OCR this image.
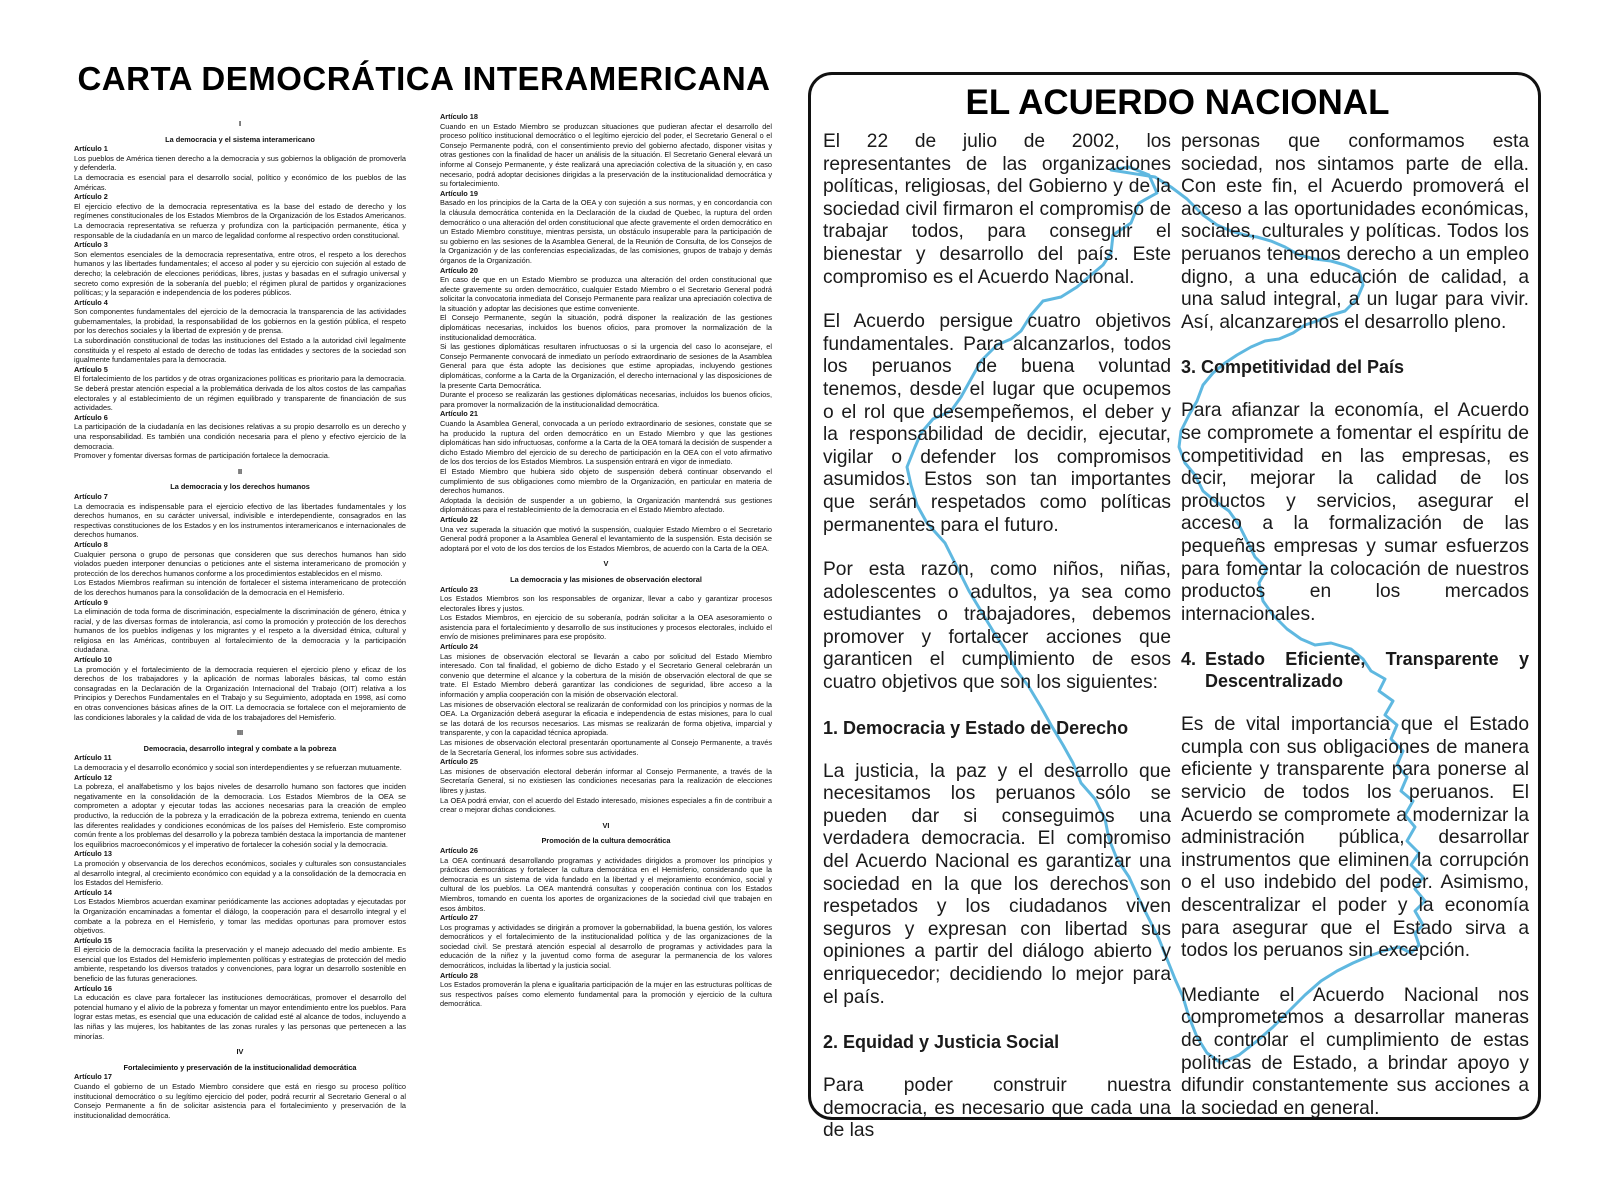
CARTA DEMOCRÁTICA INTERAMERICANA

I

La democracia y el sistema interamericano

Artículo 1

Los pueblos de América tienen derecho a la democracia y sus gobiernos la obligación de promoverla y defenderla.

La democracia es esencial para el desarrollo social, político y económico de los pueblos de las Américas.

Artículo 2

El ejercicio efectivo de la democracia representativa es la base del estado de derecho y los regímenes constitucionales de los Estados Miembros de la Organización de los Estados Americanos. La democracia representativa se refuerza y profundiza con la participación permanente, ética y responsable de la ciudadanía en un marco de legalidad conforme al respectivo orden constitucional.

Artículo 3

Son elementos esenciales de la democracia representativa, entre otros, el respeto a los derechos humanos y las libertades fundamentales; el acceso al poder y su ejercicio con sujeción al estado de derecho; la celebración de elecciones periódicas, libres, justas y basadas en el sufragio universal y secreto como expresión de la soberanía del pueblo; el régimen plural de partidos y organizaciones políticas; y la separación e independencia de los poderes públicos.

Artículo 4

Son componentes fundamentales del ejercicio de la democracia la transparencia de las actividades gubernamentales, la probidad, la responsabilidad de los gobiernos en la gestión pública, el respeto por los derechos sociales y la libertad de expresión y de prensa.

La subordinación constitucional de todas las instituciones del Estado a la autoridad civil legalmente constituida y el respeto al estado de derecho de todas las entidades y sectores de la sociedad son igualmente fundamentales para la democracia.

Artículo 5

El fortalecimiento de los partidos y de otras organizaciones políticas es prioritario para la democracia. Se deberá prestar atención especial a la problemática derivada de los altos costos de las campañas electorales y al establecimiento de un régimen equilibrado y transparente de financiación de sus actividades.

Artículo 6

La participación de la ciudadanía en las decisiones relativas a su propio desarrollo es un derecho y una responsabilidad. Es también una condición necesaria para el pleno y efectivo ejercicio de la democracia.

Promover y fomentar diversas formas de participación fortalece la democracia.

II

La democracia y los derechos humanos

Artículo 7

La democracia es indispensable para el ejercicio efectivo de las libertades fundamentales y los derechos humanos, en su carácter universal, indivisible e interdependiente, consagrados en las respectivas constituciones de los Estados y en los instrumentos interamericanos e internacionales de derechos humanos.

Artículo 8

Cualquier persona o grupo de personas que consideren que sus derechos humanos han sido violados pueden interponer denuncias o peticiones ante el sistema interamericano de promoción y protección de los derechos humanos conforme a los procedimientos establecidos en el mismo.

Los Estados Miembros reafirman su intención de fortalecer el sistema interamericano de protección de los derechos humanos para la consolidación de la democracia en el Hemisferio.

Artículo 9

La eliminación de toda forma de discriminación, especialmente la discriminación de género, étnica y racial, y de las diversas formas de intolerancia, así como la promoción y protección de los derechos humanos de los pueblos indígenas y los migrantes y el respeto a la diversidad étnica, cultural y religiosa en las Américas, contribuyen al fortalecimiento de la democracia y la participación ciudadana.

Artículo 10

La promoción y el fortalecimiento de la democracia requieren el ejercicio pleno y eficaz de los derechos de los trabajadores y la aplicación de normas laborales básicas, tal como están consagradas en la Declaración de la Organización Internacional del Trabajo (OIT) relativa a los Principios y Derechos Fundamentales en el Trabajo y su Seguimiento, adoptada en 1998, así como en otras convenciones básicas afines de la OIT. La democracia se fortalece con el mejoramiento de las condiciones laborales y la calidad de vida de los trabajadores del Hemisferio.

III

Democracia, desarrollo integral y combate a la pobreza

Artículo 11

La democracia y el desarrollo económico y social son interdependientes y se refuerzan mutuamente.

Artículo 12

La pobreza, el analfabetismo y los bajos niveles de desarrollo humano son factores que inciden negativamente en la consolidación de la democracia. Los Estados Miembros de la OEA se comprometen a adoptar y ejecutar todas las acciones necesarias para la creación de empleo productivo, la reducción de la pobreza y la erradicación de la pobreza extrema, teniendo en cuenta las diferentes realidades y condiciones económicas de los países del Hemisferio. Este compromiso común frente a los problemas del desarrollo y la pobreza también destaca la importancia de mantener los equilibrios macroeconómicos y el imperativo de fortalecer la cohesión social y la democracia.

Artículo 13

La promoción y observancia de los derechos económicos, sociales y culturales son consustanciales al desarrollo integral, al crecimiento económico con equidad y a la consolidación de la democracia en los Estados del Hemisferio.

Artículo 14

Los Estados Miembros acuerdan examinar periódicamente las acciones adoptadas y ejecutadas por la Organización encaminadas a fomentar el diálogo, la cooperación para el desarrollo integral y el combate a la pobreza en el Hemisferio, y tomar las medidas oportunas para promover estos objetivos.

Artículo 15

El ejercicio de la democracia facilita la preservación y el manejo adecuado del medio ambiente. Es esencial que los Estados del Hemisferio implementen políticas y estrategias de protección del medio ambiente, respetando los diversos tratados y convenciones, para lograr un desarrollo sostenible en beneficio de las futuras generaciones.

Artículo 16

La educación es clave para fortalecer las instituciones democráticas, promover el desarrollo del potencial humano y el alivio de la pobreza y fomentar un mayor entendimiento entre los pueblos. Para lograr estas metas, es esencial que una educación de calidad esté al alcance de todos, incluyendo a las niñas y las mujeres, los habitantes de las zonas rurales y las personas que pertenecen a las minorías.

IV

Fortalecimiento y preservación de la institucionalidad democrática

Artículo 17

Cuando el gobierno de un Estado Miembro considere que está en riesgo su proceso político institucional democrático o su legítimo ejercicio del poder, podrá recurrir al Secretario General o al Consejo Permanente a fin de solicitar asistencia para el fortalecimiento y preservación de la institucionalidad democrática.

Artículo 18

Cuando en un Estado Miembro se produzcan situaciones que pudieran afectar el desarrollo del proceso político institucional democrático o el legítimo ejercicio del poder, el Secretario General o el Consejo Permanente podrá, con el consentimiento previo del gobierno afectado, disponer visitas y otras gestiones con la finalidad de hacer un análisis de la situación. El Secretario General elevará un informe al Consejo Permanente, y éste realizará una apreciación colectiva de la situación y, en caso necesario, podrá adoptar decisiones dirigidas a la preservación de la institucionalidad democrática y su fortalecimiento.

Artículo 19

Basado en los principios de la Carta de la OEA y con sujeción a sus normas, y en concordancia con la cláusula democrática contenida en la Declaración de la ciudad de Quebec, la ruptura del orden democrático o una alteración del orden constitucional que afecte gravemente el orden democrático en un Estado Miembro constituye, mientras persista, un obstáculo insuperable para la participación de su gobierno en las sesiones de la Asamblea General, de la Reunión de Consulta, de los Consejos de la Organización y de las conferencias especializadas, de las comisiones, grupos de trabajo y demás órganos de la Organización.

Artículo 20

En caso de que en un Estado Miembro se produzca una alteración del orden constitucional que afecte gravemente su orden democrático, cualquier Estado Miembro o el Secretario General podrá solicitar la convocatoria inmediata del Consejo Permanente para realizar una apreciación colectiva de la situación y adoptar las decisiones que estime conveniente.

El Consejo Permanente, según la situación, podrá disponer la realización de las gestiones diplomáticas necesarias, incluidos los buenos oficios, para promover la normalización de la institucionalidad democrática.

Si las gestiones diplomáticas resultaren infructuosas o si la urgencia del caso lo aconsejare, el Consejo Permanente convocará de inmediato un período extraordinario de sesiones de la Asamblea General para que ésta adopte las decisiones que estime apropiadas, incluyendo gestiones diplomáticas, conforme a la Carta de la Organización, el derecho internacional y las disposiciones de la presente Carta Democrática.

Durante el proceso se realizarán las gestiones diplomáticas necesarias, incluidos los buenos oficios, para promover la normalización de la institucionalidad democrática.

Artículo 21

Cuando la Asamblea General, convocada a un período extraordinario de sesiones, constate que se ha producido la ruptura del orden democrático en un Estado Miembro y que las gestiones diplomáticas han sido infructuosas, conforme a la Carta de la OEA tomará la decisión de suspender a dicho Estado Miembro del ejercicio de su derecho de participación en la OEA con el voto afirmativo de los dos tercios de los Estados Miembros. La suspensión entrará en vigor de inmediato.

El Estado Miembro que hubiera sido objeto de suspensión deberá continuar observando el cumplimiento de sus obligaciones como miembro de la Organización, en particular en materia de derechos humanos.

Adoptada la decisión de suspender a un gobierno, la Organización mantendrá sus gestiones diplomáticas para el restablecimiento de la democracia en el Estado Miembro afectado.

Artículo 22

Una vez superada la situación que motivó la suspensión, cualquier Estado Miembro o el Secretario General podrá proponer a la Asamblea General el levantamiento de la suspensión. Esta decisión se adoptará por el voto de los dos tercios de los Estados Miembros, de acuerdo con la Carta de la OEA.

V

La democracia y las misiones de observación electoral

Artículo 23

Los Estados Miembros son los responsables de organizar, llevar a cabo y garantizar procesos electorales libres y justos.

Los Estados Miembros, en ejercicio de su soberanía, podrán solicitar a la OEA asesoramiento o asistencia para el fortalecimiento y desarrollo de sus instituciones y procesos electorales, incluido el envío de misiones preliminares para ese propósito.

Artículo 24

Las misiones de observación electoral se llevarán a cabo por solicitud del Estado Miembro interesado. Con tal finalidad, el gobierno de dicho Estado y el Secretario General celebrarán un convenio que determine el alcance y la cobertura de la misión de observación electoral de que se trate. El Estado Miembro deberá garantizar las condiciones de seguridad, libre acceso a la información y amplia cooperación con la misión de observación electoral.

Las misiones de observación electoral se realizarán de conformidad con los principios y normas de la OEA. La Organización deberá asegurar la eficacia e independencia de estas misiones, para lo cual se las dotará de los recursos necesarios. Las mismas se realizarán de forma objetiva, imparcial y transparente, y con la capacidad técnica apropiada.

Las misiones de observación electoral presentarán oportunamente al Consejo Permanente, a través de la Secretaría General, los informes sobre sus actividades.

Artículo 25

Las misiones de observación electoral deberán informar al Consejo Permanente, a través de la Secretaría General, si no existiesen las condiciones necesarias para la realización de elecciones libres y justas.

La OEA podrá enviar, con el acuerdo del Estado interesado, misiones especiales a fin de contribuir a crear o mejorar dichas condiciones.

VI

Promoción de la cultura democrática

Artículo 26

La OEA continuará desarrollando programas y actividades dirigidos a promover los principios y prácticas democráticas y fortalecer la cultura democrática en el Hemisferio, considerando que la democracia es un sistema de vida fundado en la libertad y el mejoramiento económico, social y cultural de los pueblos. La OEA mantendrá consultas y cooperación continua con los Estados Miembros, tomando en cuenta los aportes de organizaciones de la sociedad civil que trabajen en esos ámbitos.

Artículo 27

Los programas y actividades se dirigirán a promover la gobernabilidad, la buena gestión, los valores democráticos y el fortalecimiento de la institucionalidad política y de las organizaciones de la sociedad civil. Se prestará atención especial al desarrollo de programas y actividades para la educación de la niñez y la juventud como forma de asegurar la permanencia de los valores democráticos, incluidas la libertad y la justicia social.

Artículo 28

Los Estados promoverán la plena e igualitaria participación de la mujer en las estructuras políticas de sus respectivos países como elemento fundamental para la promoción y ejercicio de la cultura democrática.

EL ACUERDO NACIONAL

El 22 de julio de 2002, los representantes de las organizaciones políticas, religiosas, del Gobierno y de la sociedad civil firmaron el compromiso de trabajar todos, para conseguir el bienestar y desarrollo del país. Este compromiso es el Acuerdo Nacional.

El Acuerdo persigue cuatro objetivos fundamentales. Para alcanzarlos, todos los peruanos de buena voluntad tenemos, desde el lugar que ocupemos o el rol que desempeñemos, el deber y la responsabilidad de decidir, ejecutar, vigilar o defender los compromisos asumidos. Estos son tan importantes que serán respetados como políticas permanentes para el futuro.

Por esta razón, como niños, niñas, adolescentes o adultos, ya sea como estudiantes o trabajadores, debemos promover y fortalecer acciones que garanticen el cumplimiento de esos cuatro objetivos que son los siguientes:

1. Democracia y Estado de Derecho

La justicia, la paz y el desarrollo que necesitamos los peruanos sólo se pueden dar si conseguimos una verdadera democracia. El compromiso del Acuerdo Nacional es garantizar una sociedad en la que los derechos son respetados y los ciudadanos viven seguros y expresan con libertad sus opiniones a partir del diálogo abierto y enriquecedor; decidiendo lo mejor para el país.

2. Equidad y Justicia Social

Para poder construir nuestra democracia, es necesario que cada una de las

personas que conformamos esta sociedad, nos sintamos parte de ella. Con este fin, el Acuerdo promoverá el acceso a las oportunidades económicas, sociales, culturales y políticas. Todos los peruanos tenemos derecho a un empleo digno, a una educación de calidad, a una salud integral, a un lugar para vivir. Así, alcanzaremos el desarrollo pleno.

3. Competitividad del País

Para afianzar la economía, el Acuerdo se compromete a fomentar el espíritu de competitividad en las empresas, es decir, mejorar la calidad de los productos y servicios, asegurar el acceso a la formalización de las pequeñas empresas y sumar esfuerzos para fomentar la colocación de nuestros productos en los mercados internacionales.

4. Estado Eficiente, Transparente y Descentralizado

Es de vital importancia que el Estado cumpla con sus obligaciones de manera eficiente y transparente para ponerse al servicio de todos los peruanos. El Acuerdo se compromete a modernizar la administración pública, desarrollar instrumentos que eliminen la corrupción o el uso indebido del poder. Asimismo, descentralizar el poder y la economía para asegurar que el Estado sirva a todos los peruanos sin excepción.

Mediante el Acuerdo Nacional nos comprometemos a desarrollar maneras de controlar el cumplimiento de estas políticas de Estado, a brindar apoyo y difundir constantemente sus acciones a la sociedad en general.
